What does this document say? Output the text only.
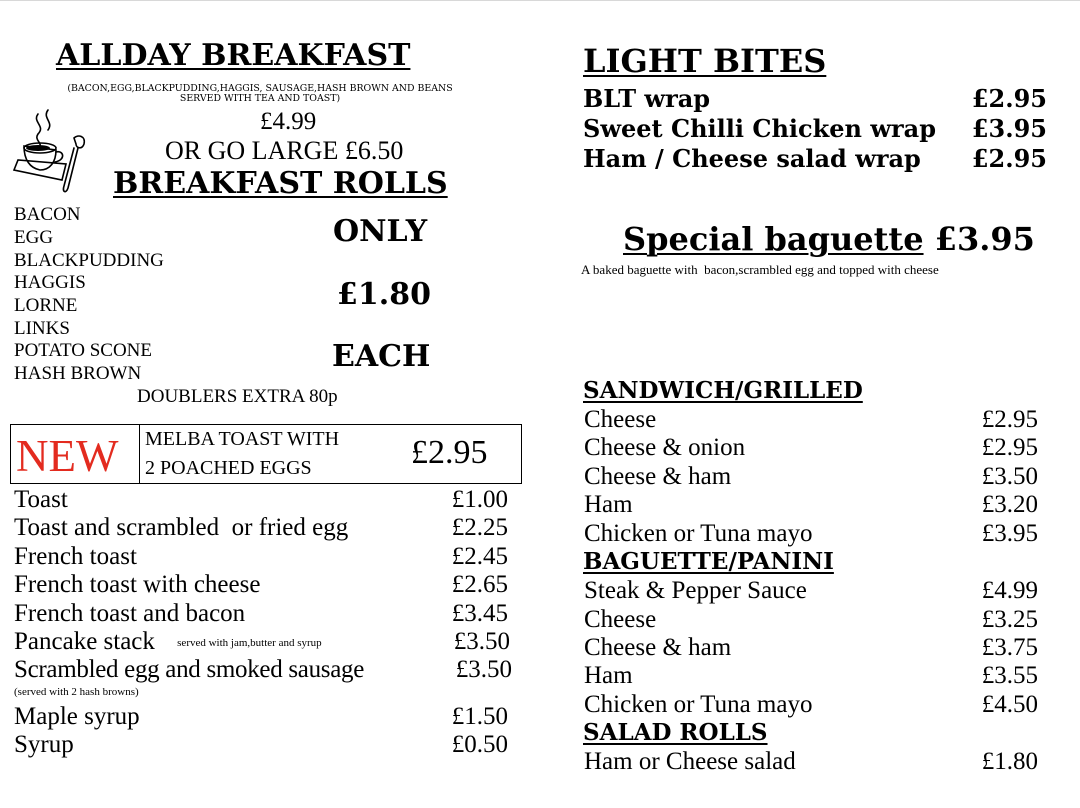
ALLDAY BREAKFAST
(BACON,EGG,BLACKPUDDING,HAGGIS, SAUSAGE,HASH BROWN AND BEANS
SERVED WITH TEA AND TOAST)
£4.99
OR GO LARGE £6.50
BREAKFAST ROLLS
BACON
EGG
BLACKPUDDING
HAGGIS
LORNE
LINKS
POTATO SCONE
HASH BROWN
ONLY
£1.80
EACH
DOUBLERS EXTRA 80p
NEW MELBA TOAST WITH
2 POACHED EGGS	£2.95
Toast	£1.00
Toast and scrambled  or fried egg	£2.25
French toast	£2.45
French toast with cheese	£2.65
French toast and bacon	£3.45
Pancake stack served with jam,butter and syrup	£3.50
Scrambled egg and smoked sausage	£3.50
(served with 2 hash browns)
Maple syrup	£1.50
Syrup	£0.50
LIGHT BITES
BLT wrap	£2.95
Sweet Chilli Chicken wrap £3.95
Ham / Cheese salad wrap £2.95
Special baguette £3.95
A baked baguette with  bacon,scrambled egg and topped with cheese
SANDWICH/GRILLED
Cheese	£2.95
Cheese & onion	£2.95
Cheese & ham	£3.50
Ham	£3.20
Chicken or Tuna mayo	£3.95
BAGUETTE/PANINI
Steak & Pepper Sauce	£4.99
Cheese	£3.25
Cheese & ham	£3.75
Ham	£3.55
Chicken or Tuna mayo	£4.50
SALAD ROLLS
Ham or Cheese salad	£1.80
